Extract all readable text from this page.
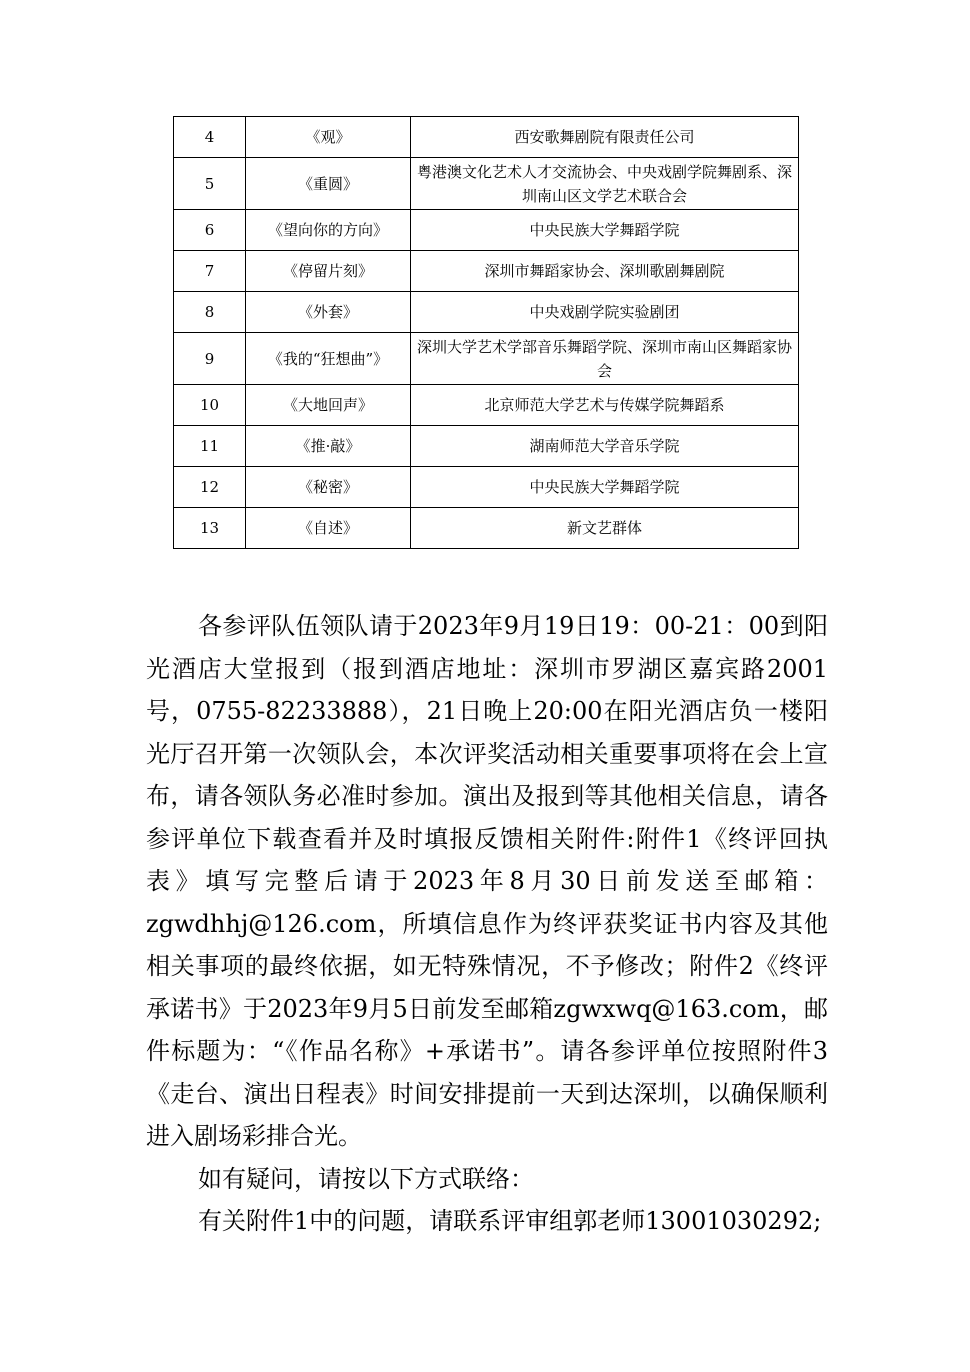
4	《观》	西安歌舞剧院有限责任公司
5	《重圆》	粤港澳文化艺术人才交流协会、中央戏剧学院舞剧系、深圳南山区文学艺术联合会
6	《望向你的方向》	中央民族大学舞蹈学院
7	《停留片刻》	深圳市舞蹈家协会、深圳歌剧舞剧院
8	《外套》	中央戏剧学院实验剧团
9	《我的“狂想曲”》	深圳大学艺术学部音乐舞蹈学院、深圳市南山区舞蹈家协会
10	《大地回声》	北京师范大学艺术与传媒学院舞蹈系
11	《推·敲》	湖南师范大学音乐学院
12	《秘密》	中央民族大学舞蹈学院
13	《自述》	新文艺群体

各参评队伍领队请于2023年9月19日19：00-21：00到阳光酒店大堂报到（报到酒店地址：深圳市罗湖区嘉宾路2001号，0755-82233888），21日晚上20:00在阳光酒店负一楼阳光厅召开第一次领队会，本次评奖活动相关重要事项将在会上宣布，请各领队务必准时参加。演出及报到等其他相关信息，请各参评单位下载查看并及时填报反馈相关附件:附件1《终评回执表》填写完整后请于2023年8月30日前发送至邮箱：zgwdhhj@126.com，所填信息作为终评获奖证书内容及其他相关事项的最终依据，如无特殊情况，不予修改；附件2《终评承诺书》于2023年9月5日前发至邮箱zgwxwq@163.com，邮件标题为：“《作品名称》+承诺书”。请各参评单位按照附件3《走台、演出日程表》时间安排提前一天到达深圳，以确保顺利进入剧场彩排合光。

如有疑问，请按以下方式联络：

有关附件1中的问题，请联系评审组郭老师13001030292;
